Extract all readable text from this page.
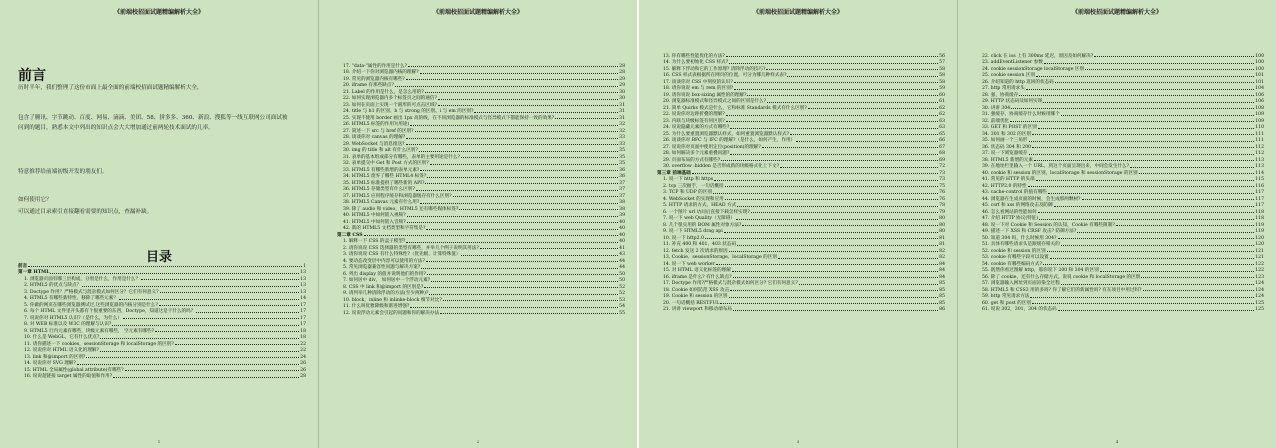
《前端校招面试题精编解析大全》
前言
历时半年，我们整理了这份市面上最全面的前端校招面试题精编解析大全，
包含了腾讯、字节跳动、百度、网易、滴滴、美团、58、拼多多、360、新浪、搜狐等一线互联网公司面试被问到的题目，熟悉本文中列出的知识点会大大增加通过前两轮技术面试的几率。
特意推荐给前端初级开发的朋友们。
如何使用它？
可以通过目录索引直接翻看需要的知识点，查漏补缺。
目录
前言	1
第一章 HTML	13
1. 浏览器页面有哪三层构成，分别是什么，作用是什么？	13
2. HTML5 的优点与缺点？	13
3. Doctype 作用？严格模式与混杂模式如何区分？它们有何意义?	13
4. HTML5 有哪些新特性、移除了哪些元素？	14
5. 你做的网页在哪些浏览器测试过,这些浏览器的内核分别是什么?	17
6. 每个 HTML 文件里开头都有个很重要的东西，Doctype，知道这是干什么的吗？	17
7. 说说你对 HTML5 认识?（是什么，为什么）	17
8. 对 WEB 标准以及 W3C 的理解与认识?	17
9. HTML5 行内元素有哪些，块级元素有哪些， 空元素有哪些?	18
10. 什么是 WebGL，它有什么优点?	18
11. 请你描述一下 cookies，sessionStorage 和 localStorage 的区别?	22
12. 说说你对 HTML 语义化的理解?	22
13. link 和@import 的区别?	24
14. 说说你对 SVG 理解?	26
15. HTML 全局属性(global attribute)有哪些?	26
16. 说说超链接 target 属性的取值和作用?	28
1
《前端校招面试题精编解析大全》
17. "data-"属性的作用是什么?	28
18. 介绍一下你对浏览器内核的理解?	28
19. 常见的浏览器内核有哪些?	29
20. iframe 有那些缺点?	29
21. Label 的作用是什么，是怎么用的?	30
22. 如何实现浏览器内多个标签页之间的通信?	30
23. 如何在页面上实现一个圆形的可点击区域?	31
24. title 与 h1 的区别、b 与 strong 的区别、i 与 em 的区别?	31
25. 实现不使用 border 画出 1px 高的线，在不同浏览器的标准模式与怪异模式下都能保持一致的效果?	31
26. HTML5 标签的作用?(用途)	32
27. 简述一下 src 与 href 的区别?	32
28. 谈谈你对 canvas 的理解?	33
29. WebSocket 与消息推送?	33
30. img 的 title 和 alt 有什么区别?	35
31. 表单的基本组成部分有哪些，表单的主要用途是什么?	35
32. 表单提交中 Get 和 Post 方式的区别?	35
33. HTML5 有哪些新增的表单元素?	36
34. HTML5 废弃了哪些 HTML4 标签?	36
35. HTML5 标准提供了哪些新的 API?	37
36. HTML5 存储类型有什么区别?	37
37. HTML5 应用程序缓存和浏览器缓存有什么区别?	37
38. HTML5 Canvas 元素有什么用?	38
39. 除了 audio 和 video，HTML5 还有哪些媒体标签?	38
40. HTML5 中如何嵌入视频?	39
41. HTML5 中如何嵌入音频?	40
42. 新的 HTML5 文档类型和字符集是?	40
第二章 CSS	40
1. 解释一下 CSS 的盒子模型?	40
2. 请你说说 CSS 选择器的类型有哪些，并举几个例子说明其用法?	41
3. 请你说说 CSS 有什么特殊性?（优先级、计算特殊值）	43
4. 要动态改变层中内容可以使用的方法?	44
5. 常见浏览器兼容性问题与解决方案?	44
6. 列出 display 的值并说明他们的作用?	50
7. 如何居中 div， 如何居中一个浮动元素?	50
8. CSS 中 link 和@import 的区别是?	52
9. 请列举几种清除浮动的方法(至少两种)?	52
10. block，inline 和 inlinke-block 细节对比?	53
11. 什么叫优雅降级和渐进增强?	54
12. 说说浮动元素会引起的问题和你的解决办法	55
2
《前端校招面试题精编解析大全》
13. 你有哪些性能优化的方法?	56
14. 为什么要初始化 CSS 样式?	57
15. 解释下浮动和它的工作原理? 清除浮动的技巧?	58
16. CSS 样式表根据所在网页的位置，可分为哪几种样式表?	58
17. 谈谈你对 CSS 中刻度的认识?	58
18. 请你说说 em 与 rem 的区别?	59
19. 请你说说 box-sizing 属性的的理解?	60
20. 浏览器标准模式和怪异模式之间的区别是什么?	61
21. 简单 Quirks 模式是什么，它和标准 Standards 模式有什么区别?	62
22. 说说你对边距折叠的理解?	62
23. 内联与块级标签有何区别?	63
24. 说说隐藏元素的方式有哪些?	63
25. 为什么要重置浏览器默认样式，如何重置浏览器默认样式?	65
26. 谈谈你对 BFC 与 IFC 的理解?（是什么，如何产生，作用）	66
27. 说说你对页面中使用定位(position)的理解?	67
28. 如何解决多个元素重叠问题?	68
29. 页面布局的方式有哪些?	69
30. overflow :hidden 是否形成新的块级格式化上下文?	72
第三章 前端基础	73
1. 说一下 http 和 https	73
2. tcp 三次握手，一句话概括	75
3. TCP 和 UDP 的区别	76
4. WebSocket 的实现和应用	76
5. HTTP 请求的方式，HEAD 方式	78
6. 一个图片 url 访问后直接下载怎样实现?	79
7. 说一下 web Quality（无障碍）	80
8. 几个很实用的 BOM 属性对象方法?	80
9. 说一下 HTML5 drag api	80
10. 说一下 http2.0	81
11. 补充 400 和 401、403 状态码	81
12. fetch 发送 2 次请求的原因	82
13. Cookie、sessionStorage、localStorage 的区别	82
14. 说一下 web worker	84
15. 对 HTML 语义化标签的理解	84
16. iframe 是什么? 有什么缺点?	84
17. Doctype 作用?严格模式与混杂模式如何区分? 它们有何意义?	85
18. Cookie 如何防范 XSS 攻击	85
19. Cookie 和 session 的区别	85
20. 一句话概括 RESTFUL	85
21. 讲讲 viewport 和移动端布局	86
3
《前端校招面试题精编解析大全》
22. click 在 ios 上有 300ms 延迟，原因及如何解决?	100
23. addEventListener 参数	100
24. cookie sessionStorage localStorage 区别	100
25. cookie session 区别	101
26. 介绍知道的 http 返回的状态码	101
27. http 常用请求头	104
28. 强，协商缓存	106
29. HTTP 状态码及如何实现	106
30. 讲讲 304	108
31. 强缓存、协商缓存什么时候用哪个	109
32. 前端优化	109
33. GET 和 POST 的区别	110
34. 301 和 302 的区别	111
35. 如何画一个三角形	111
36. 状态码 304 和 200	112
37. 说一下浏览器缓存	112
38. HTML5 新增的元素	113
39. 在地址栏里输入一个 URL，到这个页面呈现出来，中间会发生什么?	113
40. cookie 和 session 的区别，localStorage 和 sessionStorage 的区别	114
41. 常见的 HTTP 的头部	115
42. HTTP2.0 的特性	116
43. cache-control 的值有哪些	117
44. 浏览器在生成页面的时候，会生成那两颗树?	117
45. csrf 和 xss 的网络攻击及防御	117
46. 怎么看网站的性能如何	118
47. 介绍 HTTP 协议(特征)	118
48. 说一下对 Cookie 和 Session 的认知，Cookie 有哪些限制?	119
49. 描述一下 XSS 和 CRSF 攻击? 防御方法?	119
50. 知道 304 吗，什么时候用 304?	120
51. 具体有哪些请求头是跟缓存相关的	120
52. cookie 和 session 的区别	121
53. cookie 有哪些字段可以设置	121
54. cookie 有哪些编码方式?	122
55. 既然你看过图解 http，那你说下 200 和 304 的区别	122
56. 除了 cookie，还有什么存储方式。说说 cookie 和 localStorage 的区别	123
57. 浏览器输入网址到页面渲染全过程	124
58. HTML5 和 CSS3 用的多吗? 你了解它们的新属性吗? 有在项目中用过吗?	124
59. http 常见请求方法	124
60. get 和 post 的区别	125
61. 说说 302，301，304 的状态码	125
4
